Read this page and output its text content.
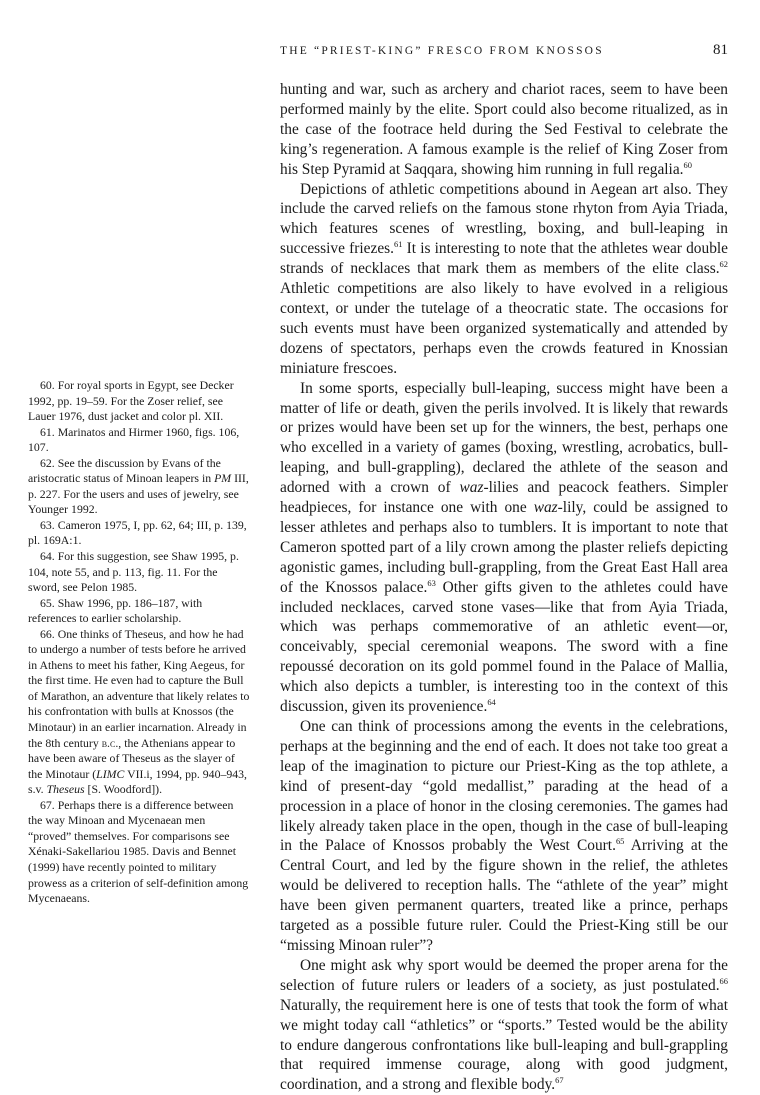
THE “PRIEST-KING” FRESCO FROM KNOSSOS	81

hunting and war, such as archery and chariot races, seem to have been performed mainly by the elite. Sport could also become ritualized, as in the case of the footrace held during the Sed Festival to celebrate the king’s regeneration. A famous example is the relief of King Zoser from his Step Pyramid at Saqqara, showing him running in full regalia.$^{60}$

Depictions of athletic competitions abound in Aegean art also. They include the carved reliefs on the famous stone rhyton from Ayia Triada, which features scenes of wrestling, boxing, and bull-leaping in successive friezes.$^{61}$ It is interesting to note that the athletes wear double strands of necklaces that mark them as members of the elite class.$^{62}$ Athletic competitions are also likely to have evolved in a religious context, or under the tutelage of a theocratic state. The occasions for such events must have been organized systematically and attended by dozens of spectators, perhaps even the crowds featured in Knossian miniature frescoes.

In some sports, especially bull-leaping, success might have been a matter of life or death, given the perils involved. It is likely that rewards or prizes would have been set up for the winners, the best, perhaps one who excelled in a variety of games (boxing, wrestling, acrobatics, bull-leaping, and bull-grappling), declared the athlete of the season and adorned with a crown of waz-lilies and peacock feathers. Simpler headpieces, for instance one with one waz-lily, could be assigned to lesser athletes and perhaps also to tumblers. It is important to note that Cameron spotted part of a lily crown among the plaster reliefs depicting agonistic games, including bull-grappling, from the Great East Hall area of the Knossos palace.$^{63}$ Other gifts given to the athletes could have included necklaces, carved stone vases—like that from Ayia Triada, which was perhaps commemorative of an athletic event—or, conceivably, special ceremonial weapons. The sword with a fine repoussé decoration on its gold pommel found in the Palace of Mallia, which also depicts a tumbler, is interesting too in the context of this discussion, given its provenience.$^{64}$

One can think of processions among the events in the celebrations, perhaps at the beginning and the end of each. It does not take too great a leap of the imagination to picture our Priest-King as the top athlete, a kind of present-day “gold medallist,” parading at the head of a procession in a place of honor in the closing ceremonies. The games had likely already taken place in the open, though in the case of bull-leaping in the Palace of Knossos probably the West Court.$^{65}$ Arriving at the Central Court, and led by the figure shown in the relief, the athletes would be delivered to reception halls. The “athlete of the year” might have been given permanent quarters, treated like a prince, perhaps targeted as a possible future ruler. Could the Priest-King still be our “missing Minoan ruler”?

One might ask why sport would be deemed the proper arena for the selection of future rulers or leaders of a society, as just postulated.$^{66}$ Naturally, the requirement here is one of tests that took the form of what we might today call “athletics” or “sports.” Tested would be the ability to endure dangerous confrontations like bull-leaping and bull-grappling that required immense courage, along with good judgment, coordination, and a strong and flexible body.$^{67}$

60. For royal sports in Egypt, see Decker 1992, pp. 19–59. For the Zoser relief, see Lauer 1976, dust jacket and color pl. XII.

61. Marinatos and Hirmer 1960, figs. 106, 107.

62. See the discussion by Evans of the aristocratic status of Minoan leapers in PM III, p. 227. For the users and uses of jewelry, see Younger 1992.

63. Cameron 1975, I, pp. 62, 64; III, p. 139, pl. 169A:1.

64. For this suggestion, see Shaw 1995, p. 104, note 55, and p. 113, fig. 11. For the sword, see Pelon 1985.

65. Shaw 1996, pp. 186–187, with references to earlier scholarship.

66. One thinks of Theseus, and how he had to undergo a number of tests before he arrived in Athens to meet his father, King Aegeus, for the first time. He even had to capture the Bull of Marathon, an adventure that likely relates to his confrontation with bulls at Knossos (the Minotaur) in an earlier incarnation. Already in the 8th century b.c., the Athenians appear to have been aware of Theseus as the slayer of the Minotaur (LIMC VII.i, 1994, pp. 940–943, s.v. Theseus [S. Woodford]).

67. Perhaps there is a difference between the way Minoan and Mycenaean men “proved” themselves. For comparisons see Xénaki-Sakellariou 1985. Davis and Bennet (1999) have recently pointed to military prowess as a criterion of self-definition among Mycenaeans.
